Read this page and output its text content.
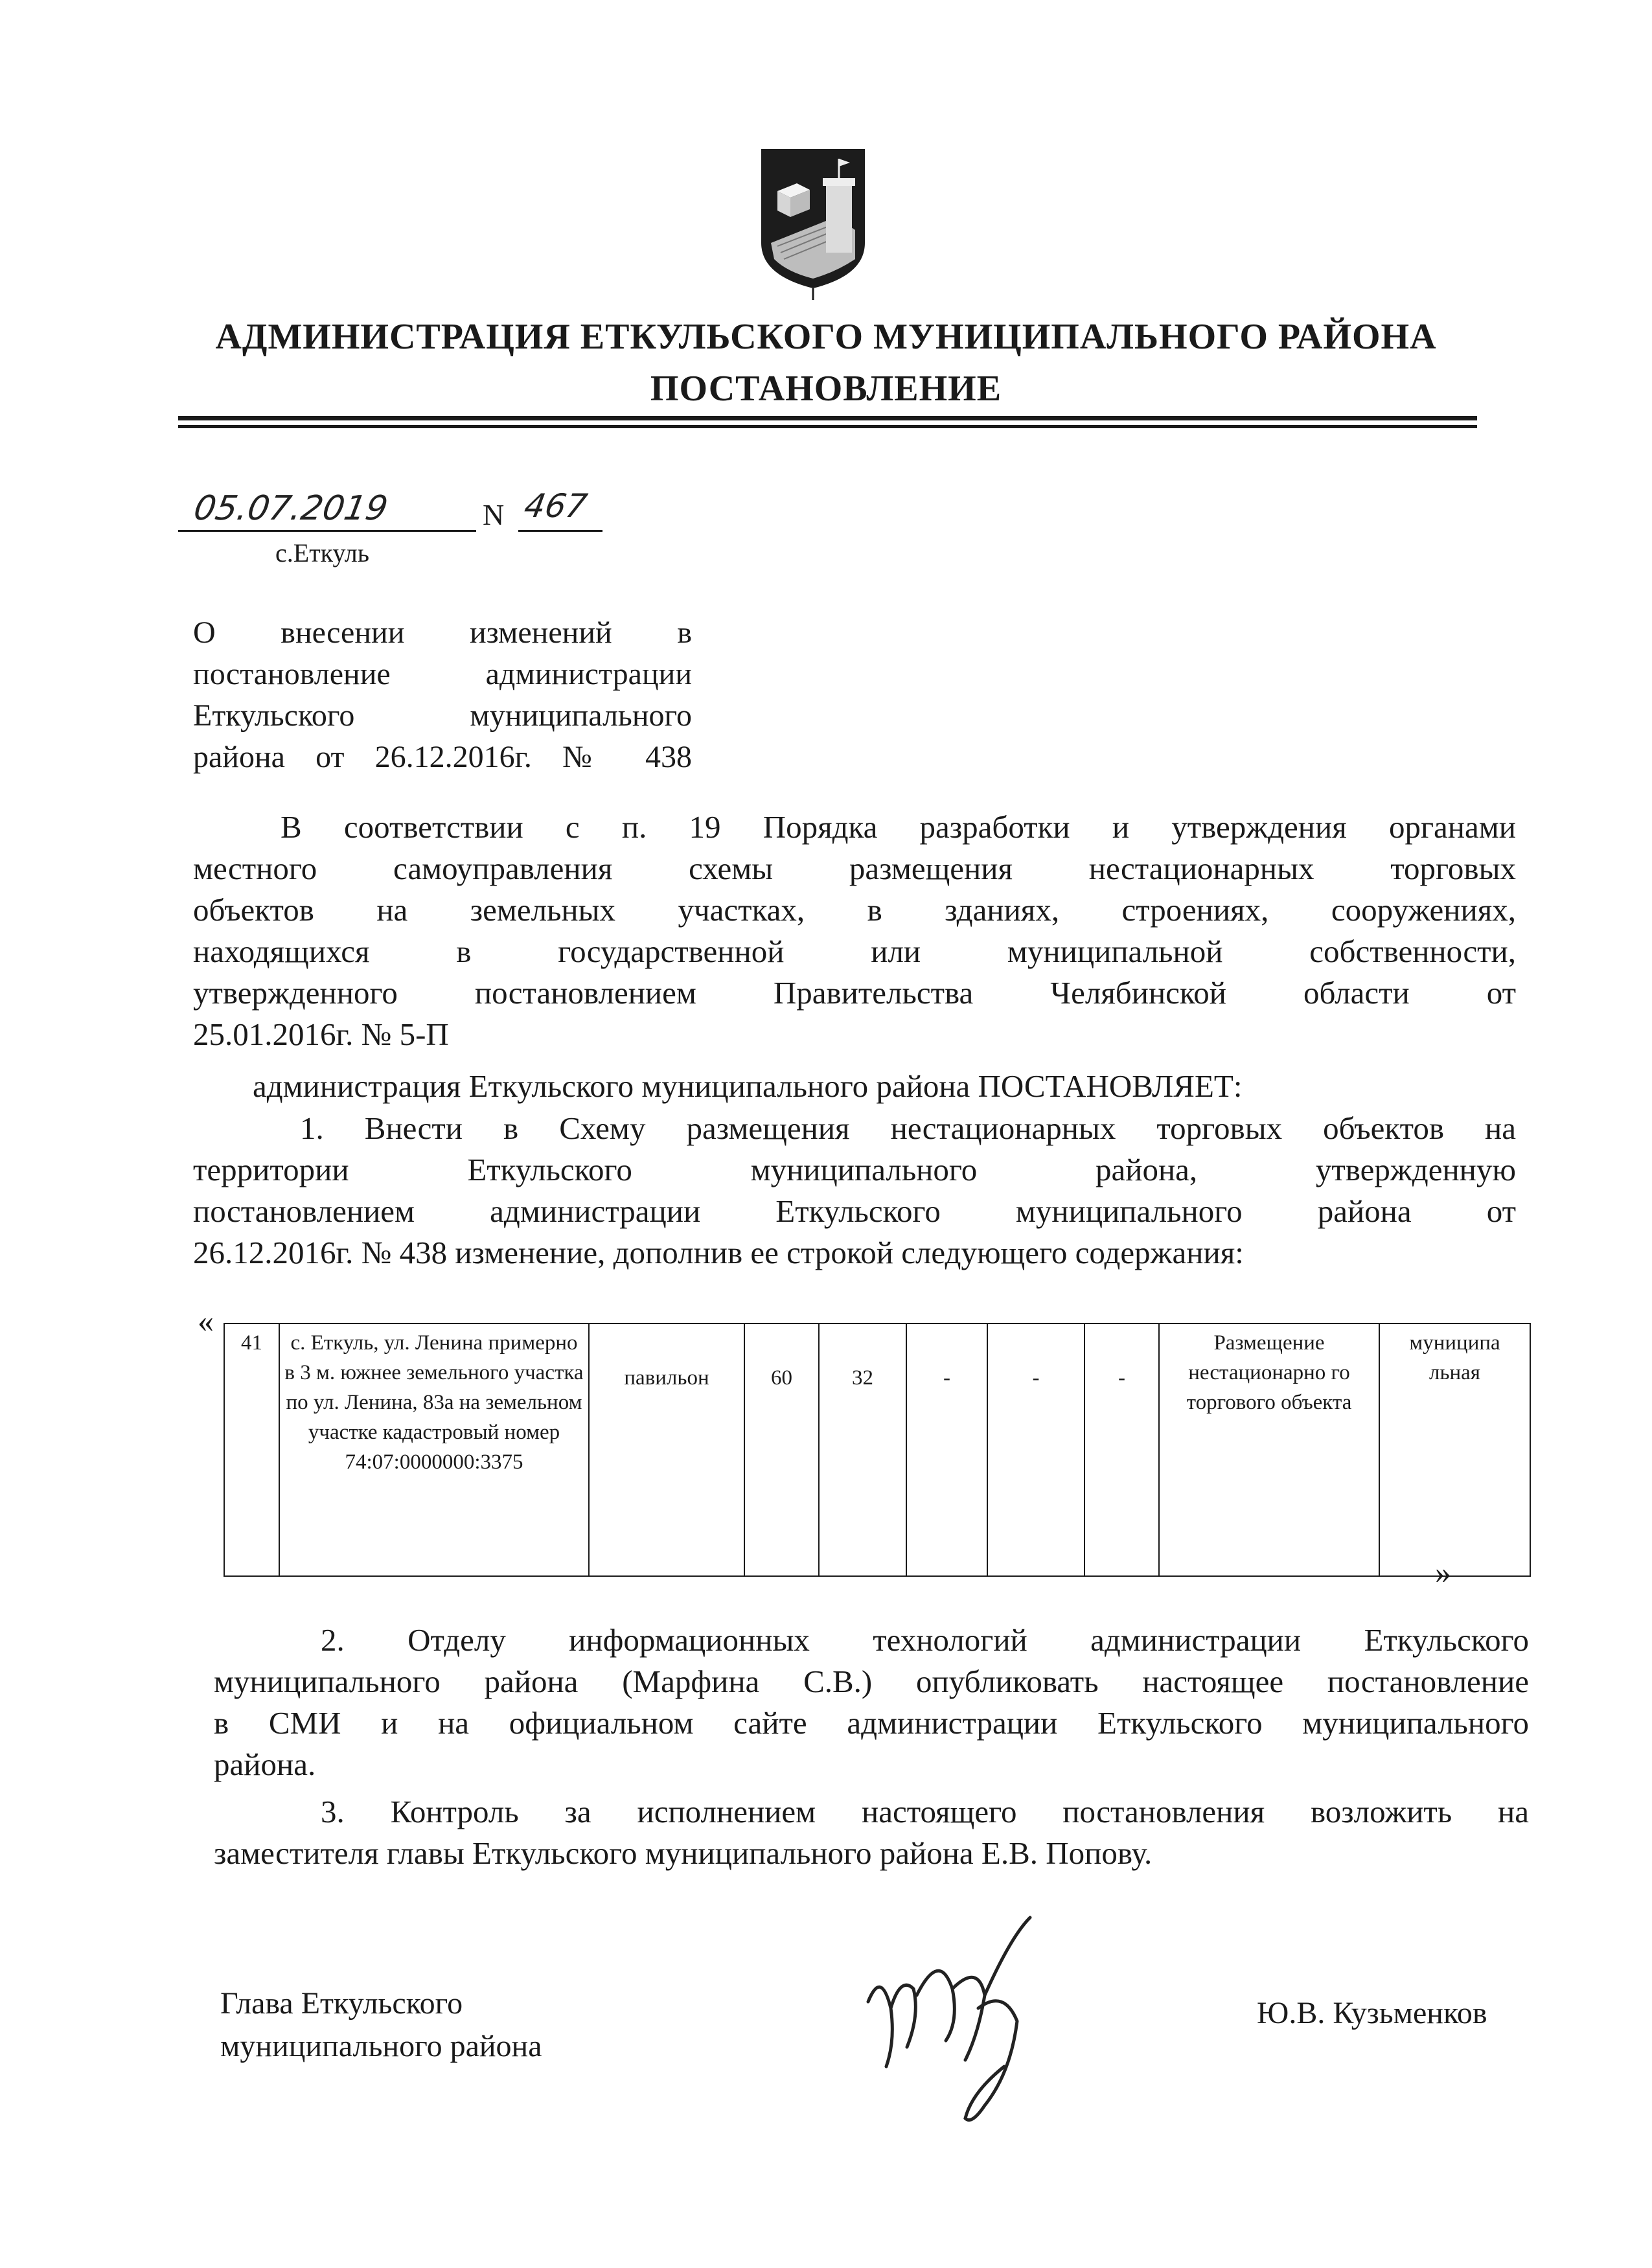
АДМИНИСТРАЦИЯ ЕТКУЛЬСКОГО МУНИЦИПАЛЬНОГО РАЙОНА
ПОСТАНОВЛЕНИЕ
05.07.2019	N 467
с.Еткуль
О внесении изменений в
постановление администрации
Еткульского муниципального
района от 26.12.2016г. № 438
В соответствии с п. 19 Порядка разработки и утверждения органами
местного самоуправления схемы размещения нестационарных торговых
объектов на земельных участках, в зданиях, строениях, сооружениях,
находящихся в государственной или муниципальной собственности,
утвержденного постановлением Правительства Челябинской области от
25.01.2016г. № 5-П
администрация Еткульского муниципального района ПОСТАНОВЛЯЕТ:
1. Внести в Схему размещения нестационарных торговых объектов на
территории Еткульского муниципального района, утвержденную
постановлением администрации Еткульского муниципального района от
26.12.2016г. № 438 изменение, дополнив ее строкой следующего содержания:
«
41	с. Еткуль, ул. Ленина примерно в 3 м. южнее земельного участка по ул. Ленина, 83а на земельном участке кадастровый номер 74:07:0000000:3375	павильон	60	32	-	-	-	Размещение нестационарно го торгового объекта	муниципа льная
»
2. Отделу информационных технологий администрации Еткульского
муниципального района (Марфина С.В.) опубликовать настоящее постановление
в СМИ и на официальном сайте администрации Еткульского муниципального
района.
3. Контроль за исполнением настоящего постановления возложить на
заместителя главы Еткульского муниципального района Е.В. Попову.
Глава Еткульского
муниципального района
Ю.В. Кузьменков
